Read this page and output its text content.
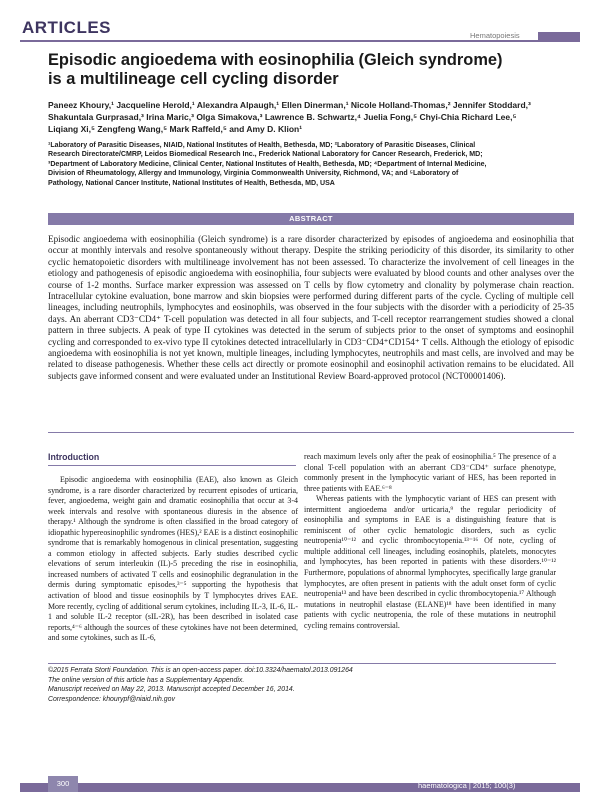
ARTICLES	Hematopoiesis
Episodic angioedema with eosinophilia (Gleich syndrome)
is a multilineage cell cycling disorder
Paneez Khoury,¹ Jacqueline Herold,¹ Alexandra Alpaugh,¹ Ellen Dinerman,¹ Nicole Holland-Thomas,² Jennifer Stoddard,³
Shakuntala Gurprasad,³ Irina Maric,³ Olga Simakova,³ Lawrence B. Schwartz,⁴ Juelia Fong,⁵ Chyi-Chia Richard Lee,⁵
Liqiang Xi,⁵ Zengfeng Wang,⁵ Mark Raffeld,⁵ and Amy D. Klion¹
¹Laboratory of Parasitic Diseases, NIAID, National Institutes of Health, Bethesda, MD; ²Laboratory of Parasitic Diseases, Clinical
Research Directorate/CMRP, Leidos Biomedical Research Inc., Frederick National Laboratory for Cancer Research, Frederick, MD;
³Department of Laboratory Medicine, Clinical Center, National Institutes of Health, Bethesda, MD; ⁴Department of Internal Medicine,
Division of Rheumatology, Allergy and Immunology, Virginia Commonwealth University, Richmond, VA; and ⁵Laboratory of
Pathology, National Cancer Institute, National Institutes of Health, Bethesda, MD, USA
ABSTRACT
Episodic angioedema with eosinophilia (Gleich syndrome) is a rare disorder characterized by episodes of angioedema and eosinophilia that occur at monthly intervals and resolve spontaneously without therapy. Despite the striking periodicity of this disorder, its similarity to other cyclic hematopoietic disorders with multilineage involvement has not been assessed. To characterize the involvement of cell lineages in the etiology and pathogenesis of episodic angioedema with eosinophilia, four subjects were evaluated by blood counts and other analyses over the course of 1-2 months. Surface marker expression was assessed on T cells by flow cytometry and clonality by polymerase chain reaction. Intracellular cytokine evaluation, bone marrow and skin biopsies were performed during different parts of the cycle. Cycling of multiple cell lineages, including neutrophils, lymphocytes and eosinophils, was observed in the four subjects with the disorder with a periodicity of 25-35 days. An aberrant CD3⁻CD4⁺ T-cell population was detected in all four subjects, and T-cell receptor rearrangement studies showed a clonal pattern in three subjects. A peak of type II cytokines was detected in the serum of subjects prior to the onset of symptoms and eosinophil cycling and corresponded to ex-vivo type II cytokines detected intracellularly in CD3⁻CD4⁺CD154⁺ T cells. Although the etiology of episodic angioedema with eosinophilia is not yet known, multiple lineages, including lymphocytes, neutrophils and mast cells, are involved and may be related to disease pathogenesis. Whether these cells act directly or promote eosinophil and eosinophil activation remains to be elucidated. All subjects gave informed consent and were evaluated under an Institutional Review Board-approved protocol (NCT00001406).
Introduction
Episodic angioedema with eosinophilia (EAE), also known as Gleich syndrome, is a rare disorder characterized by recurrent episodes of urticaria, fever, angioedema, weight gain and dramatic eosinophilia that occur at 3-4 week intervals and resolve with spontaneous diuresis in the absence of therapy.¹ Although the syndrome is often classified in the broad category of idiopathic hypereosinophilic syndromes (HES),² EAE is a distinct eosinophilic syndrome that is remarkably homogenous in clinical presentation, suggesting a common etiology in affected subjects. Early studies described cyclic elevations of serum interleukin (IL)-5 preceding the rise in eosinophilia, increased numbers of activated T cells and eosinophilic degranulation in the dermis during symptomatic episodes,³⁻⁵ supporting the hypothesis that activation of blood and tissue eosinophils by T lymphocytes drives EAE. More recently, cycling of additional serum cytokines, including IL-3, IL-6, IL-1 and soluble IL-2 receptor (sIL-2R), has been described in isolated case reports,⁴⁻⁶ although the sources of these cytokines have not been determined, and some cytokines, such as IL-6,

reach maximum levels only after the peak of eosinophilia.⁵ The presence of a clonal T-cell population with an aberrant CD3⁻CD4⁺ surface phenotype, commonly present in the lymphocytic variant of HES, has been reported in three patients with EAE.⁶⁻⁸

Whereas patients with the lymphocytic variant of HES can present with intermittent angioedema and/or urticaria,⁹ the regular periodicity of eosinophilia and symptoms in EAE is a distinguishing feature that is reminiscent of other cyclic hematologic disorders, such as cyclic neutropenia¹⁰⁻¹² and cyclic thrombocytopenia.¹³⁻¹⁶ Of note, cycling of multiple additional cell lineages, including eosinophils, platelets, monocytes and lymphocytes, has been reported in patients with these disorders.¹⁰⁻¹² Furthermore, populations of abnormal lymphocytes, specifically large granular lymphocytes, are often present in patients with the adult onset form of cyclic neutropenia¹³ and have been described in cyclic thrombocytopenia.¹⁷ Although mutations in neutrophil elastase (ELANE)¹⁸ have been identified in many patients with cyclic neutropenia, the role of these mutations in neutrophil cycling remains controversial.

©2015 Ferrata Storti Foundation. This is an open-access paper. doi:10.3324/haematol.2013.091264
The online version of this article has a Supplementary Appendix.
Manuscript received on May 22, 2013. Manuscript accepted December 16, 2014.
Correspondence: khourypf@niaid.nih.gov
300	haematologica | 2015; 100(3)
